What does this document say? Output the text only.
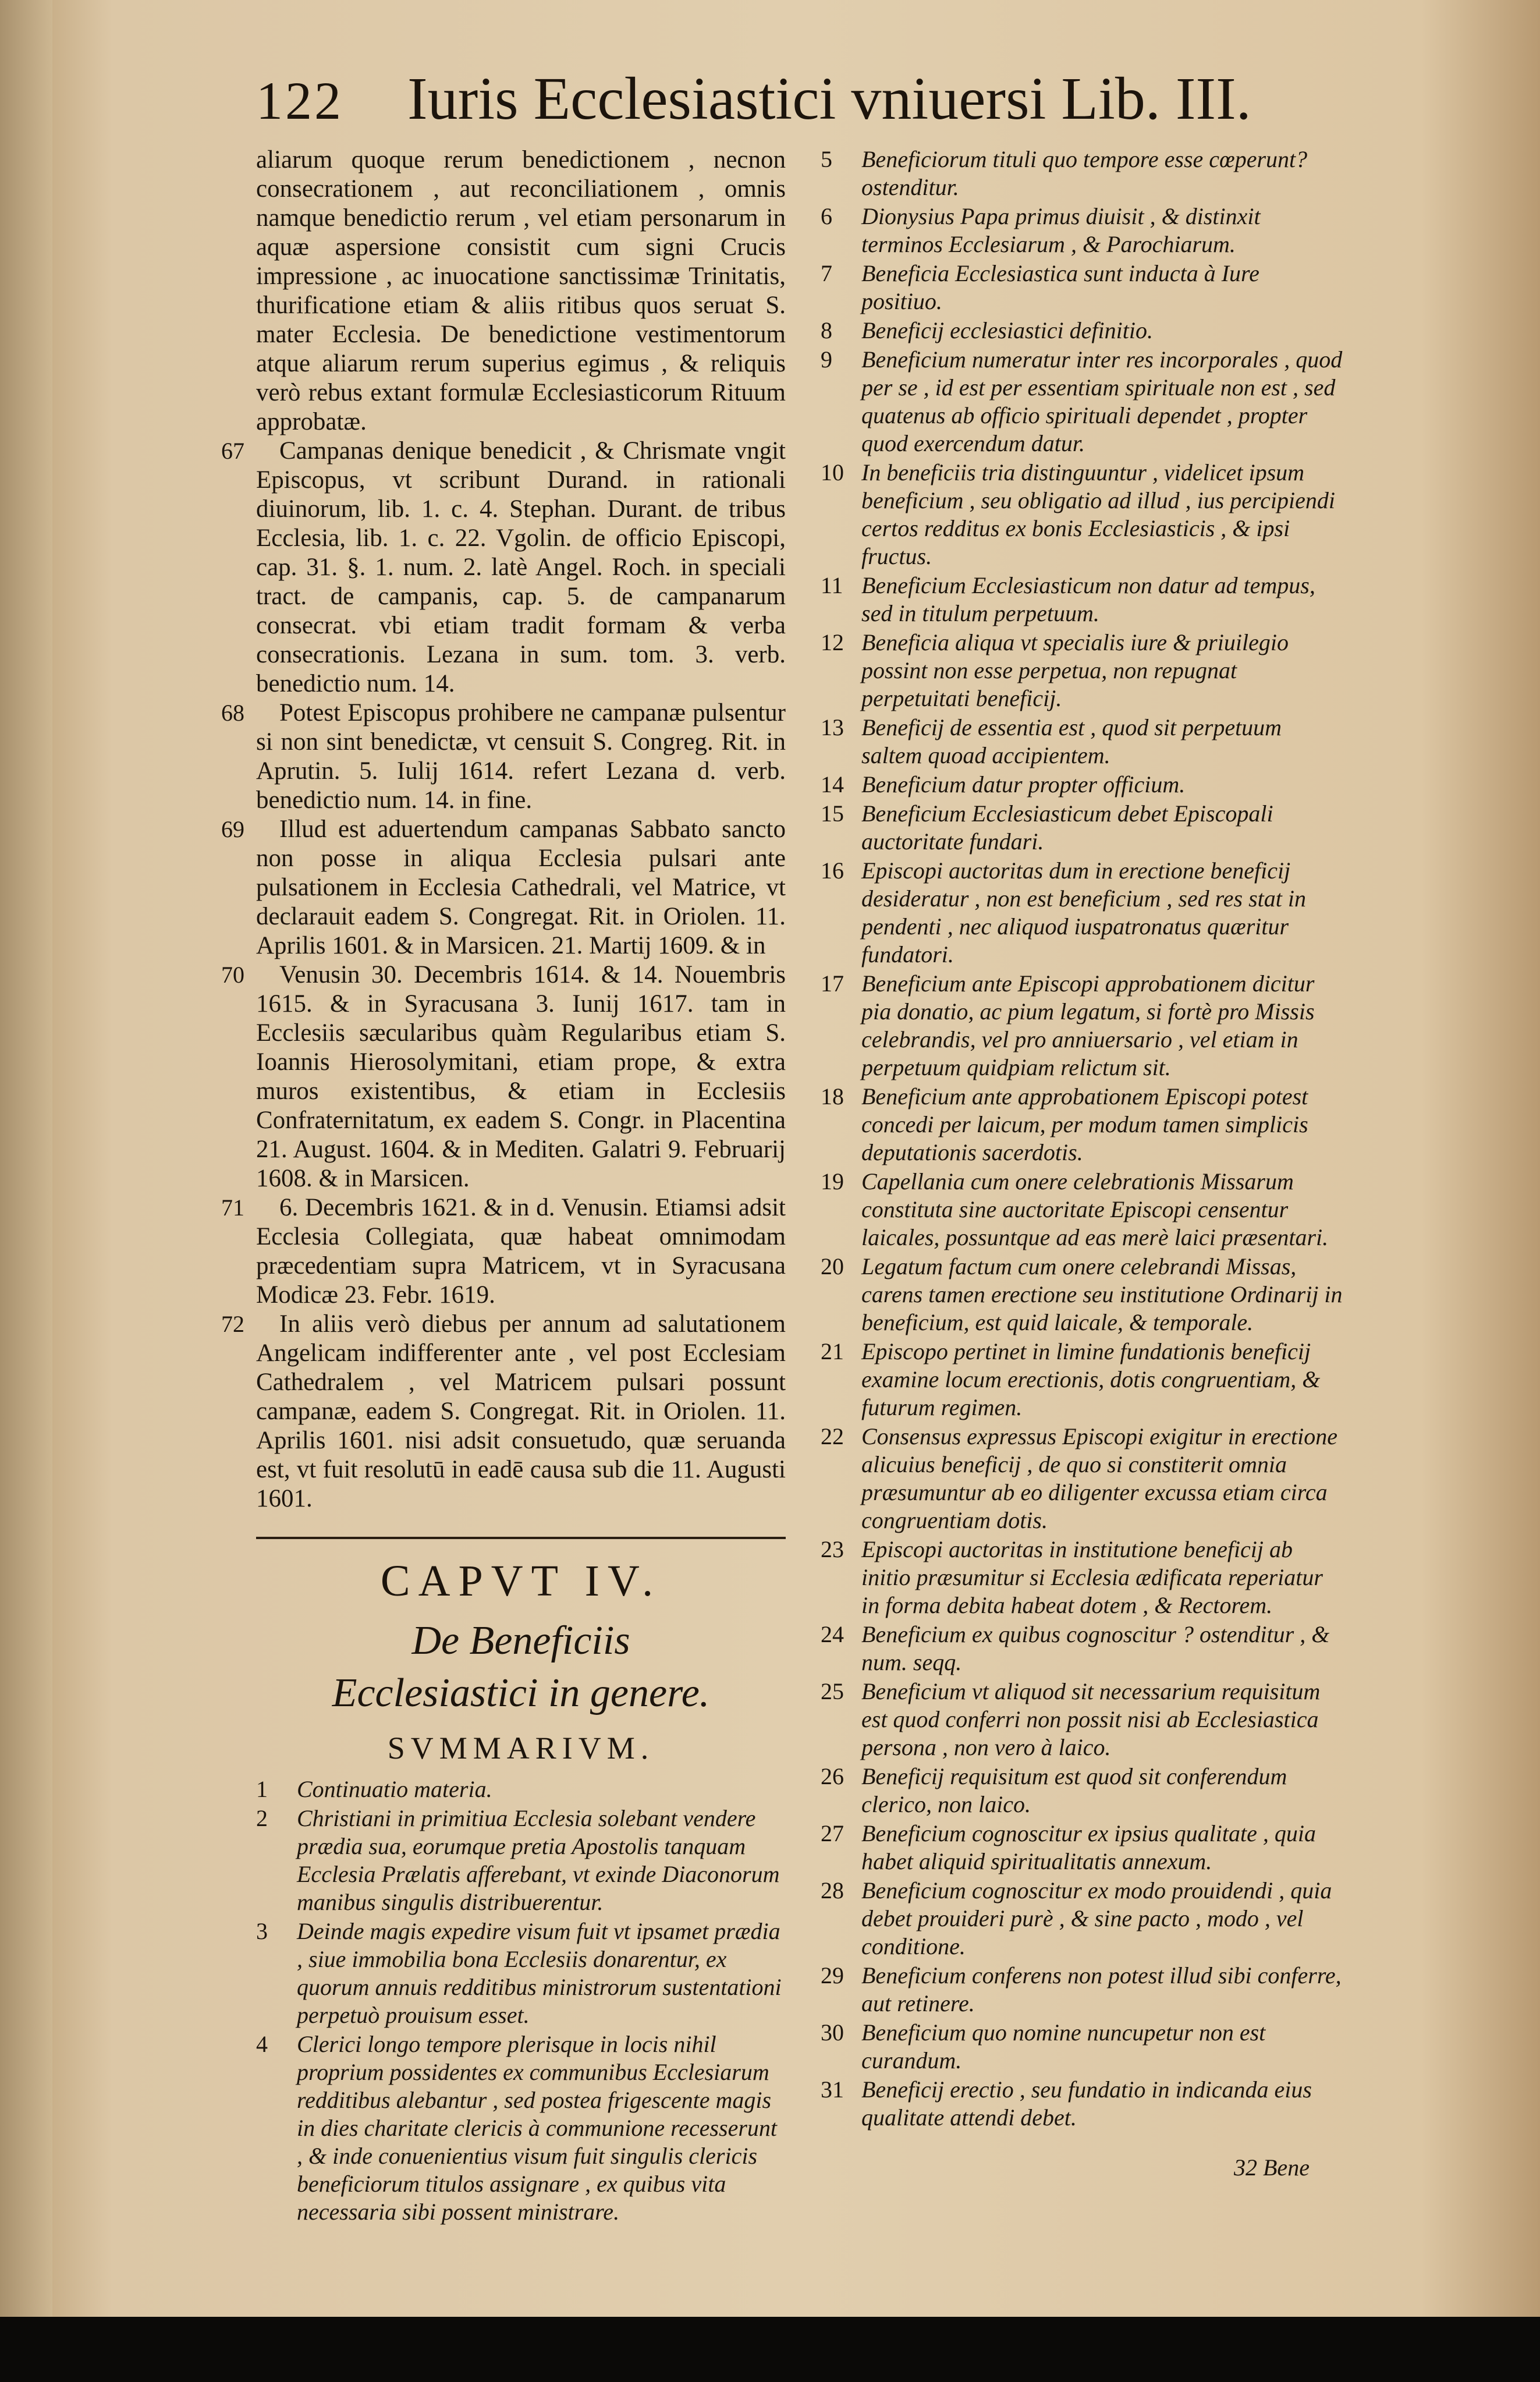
122 Iuris Ecclesiastici vniuersi Lib. III.

aliarum quoque rerum benedictionem , necnon consecrationem , aut reconciliationem , omnis namque benedictio rerum , vel etiam personarum in aquæ aspersione consistit cum signi Crucis impressione , ac inuocatione sanctissimæ Trinitatis, thurificatione etiam & aliis ritibus quos seruat S. mater Ecclesia. De benedictione vestimentorum atque aliarum rerum superius egimus , & reliquis verò rebus extant formulæ Ecclesiasticorum Rituum approbatæ.

67 Campanas denique benedicit , & Chrismate vngit Episcopus, vt scribunt Durand. in rationali diuinorum, lib. 1. c. 4. Stephan. Durant. de tribus Ecclesia, lib. 1. c. 22. Vgolin. de officio Episcopi, cap. 31. §. 1. num. 2. latè Angel. Roch. in speciali tract. de campanis, cap. 5. de campanarum consecrat. vbi etiam tradit formam & verba consecrationis. Lezana in sum. tom. 3. verb. benedictio num. 14.

68 Potest Episcopus prohibere ne campanæ pulsentur si non sint benedictæ, vt censuit S. Congreg. Rit. in Aprutin. 5. Iulij 1614. refert Lezana d. verb. benedictio num. 14. in fine.

69 Illud est aduertendum campanas Sabbato sancto non posse in aliqua Ecclesia pulsari ante pulsationem in Ecclesia Cathedrali, vel Matrice, vt declarauit eadem S. Congregat. Rit. in Oriolen. 11. Aprilis 1601. & in Marsicen. 21. Martij 1609. & in

70 Venusin 30. Decembris 1614. & 14. Nouembris 1615. & in Syracusana 3. Iunij 1617. tam in Ecclesiis sæcularibus quàm Regularibus etiam S. Ioannis Hierosolymitani, etiam prope, & extra muros existentibus, & etiam in Ecclesiis Confraternitatum, ex eadem S. Congr. in Placentina 21. August. 1604. & in Mediten. Galatri 9. Februarij 1608. & in Marsicen.

71 6. Decembris 1621. & in d. Venusin. Etiamsi adsit Ecclesia Collegiata, quæ habeat omnimodam præcedentiam supra Matricem, vt in Syracusana Modicæ 23. Febr. 1619.

72 In aliis verò diebus per annum ad salutationem Angelicam indifferenter ante , vel post Ecclesiam Cathedralem , vel Matricem pulsari possunt campanæ, eadem S. Congregat. Rit. in Oriolen. 11. Aprilis 1601. nisi adsit consuetudo, quæ seruanda est, vt fuit resolutū in eadē causa sub die 11. Augusti 1601.

CAPVT IV.
De Beneficiis Ecclesiastici in genere.
SVMMARIVM.
1	Continuatio materia.
2	Christiani in primitiua Ecclesia solebant vendere prædia sua, eorumque pretia Apostolis tanquam Ecclesia Prælatis afferebant, vt exinde Diaconorum manibus singulis distribuerentur.
3	Deinde magis expedire visum fuit vt ipsamet prædia , siue immobilia bona Ecclesiis donarentur, ex quorum annuis redditibus ministrorum sustentationi perpetuò prouisum esset.
4	Clerici longo tempore plerisque in locis nihil proprium possidentes ex communibus Ecclesiarum redditibus alebantur , sed postea frigescente magis in dies charitate clericis à communione recesserunt , & inde conuenientius visum fuit singulis clericis beneficiorum titulos assignare , ex quibus vita necessaria sibi possent ministrare.
5	Beneficiorum tituli quo tempore esse cœperunt? ostenditur.
6	Dionysius Papa primus diuisit , & distinxit terminos Ecclesiarum , & Parochiarum.
7	Beneficia Ecclesiastica sunt inducta à Iure positiuo.
8	Beneficij ecclesiastici definitio.
9	Beneficium numeratur inter res incorporales , quod per se , id est per essentiam spirituale non est , sed quatenus ab officio spirituali dependet , propter quod exercendum datur.
10 In beneficiis tria distinguuntur , videlicet ipsum beneficium , seu obligatio ad illud , ius percipiendi certos redditus ex bonis Ecclesiasticis , & ipsi fructus.
11 Beneficium Ecclesiasticum non datur ad tempus, sed in titulum perpetuum.
12 Beneficia aliqua vt specialis iure & priuilegio possint non esse perpetua, non repugnat perpetuitati beneficij.
13 Beneficij de essentia est , quod sit perpetuum saltem quoad accipientem.
14 Beneficium datur propter officium.
15 Beneficium Ecclesiasticum debet Episcopali auctoritate fundari.
16 Episcopi auctoritas dum in erectione beneficij desideratur , non est beneficium , sed res stat in pendenti , nec aliquod iuspatronatus quæritur fundatori.
17 Beneficium ante Episcopi approbationem dicitur pia donatio, ac pium legatum, si fortè pro Missis celebrandis, vel pro anniuersario , vel etiam in perpetuum quidpiam relictum sit.
18 Beneficium ante approbationem Episcopi potest concedi per laicum, per modum tamen simplicis deputationis sacerdotis.
19 Capellania cum onere celebrationis Missarum constituta sine auctoritate Episcopi censentur laicales, possuntque ad eas merè laici præsentari.
20 Legatum factum cum onere celebrandi Missas, carens tamen erectione seu institutione Ordinarij in beneficium, est quid laicale, & temporale.
21 Episcopo pertinet in limine fundationis beneficij examine locum erectionis, dotis congruentiam, & futurum regimen.
22 Consensus expressus Episcopi exigitur in erectione alicuius beneficij , de quo si constiterit omnia præsumuntur ab eo diligenter excussa etiam circa congruentiam dotis.
23 Episcopi auctoritas in institutione beneficij ab initio præsumitur si Ecclesia ædificata reperiatur in forma debita habeat dotem , & Rectorem.
24 Beneficium ex quibus cognoscitur ? ostenditur , & num. seqq.
25 Beneficium vt aliquod sit necessarium requisitum est quod conferri non possit nisi ab Ecclesiastica persona , non vero à laico.
26 Beneficij requisitum est quod sit conferendum clerico, non laico.
27 Beneficium cognoscitur ex ipsius qualitate , quia habet aliquid spiritualitatis annexum.
28 Beneficium cognoscitur ex modo prouidendi , quia debet prouideri purè , & sine pacto , modo , vel conditione.
29 Beneficium conferens non potest illud sibi conferre, aut retinere.
30 Beneficium quo nomine nuncupetur non est curandum.
31 Beneficij erectio , seu fundatio in indicanda eius qualitate attendi debet.
32 Bene
